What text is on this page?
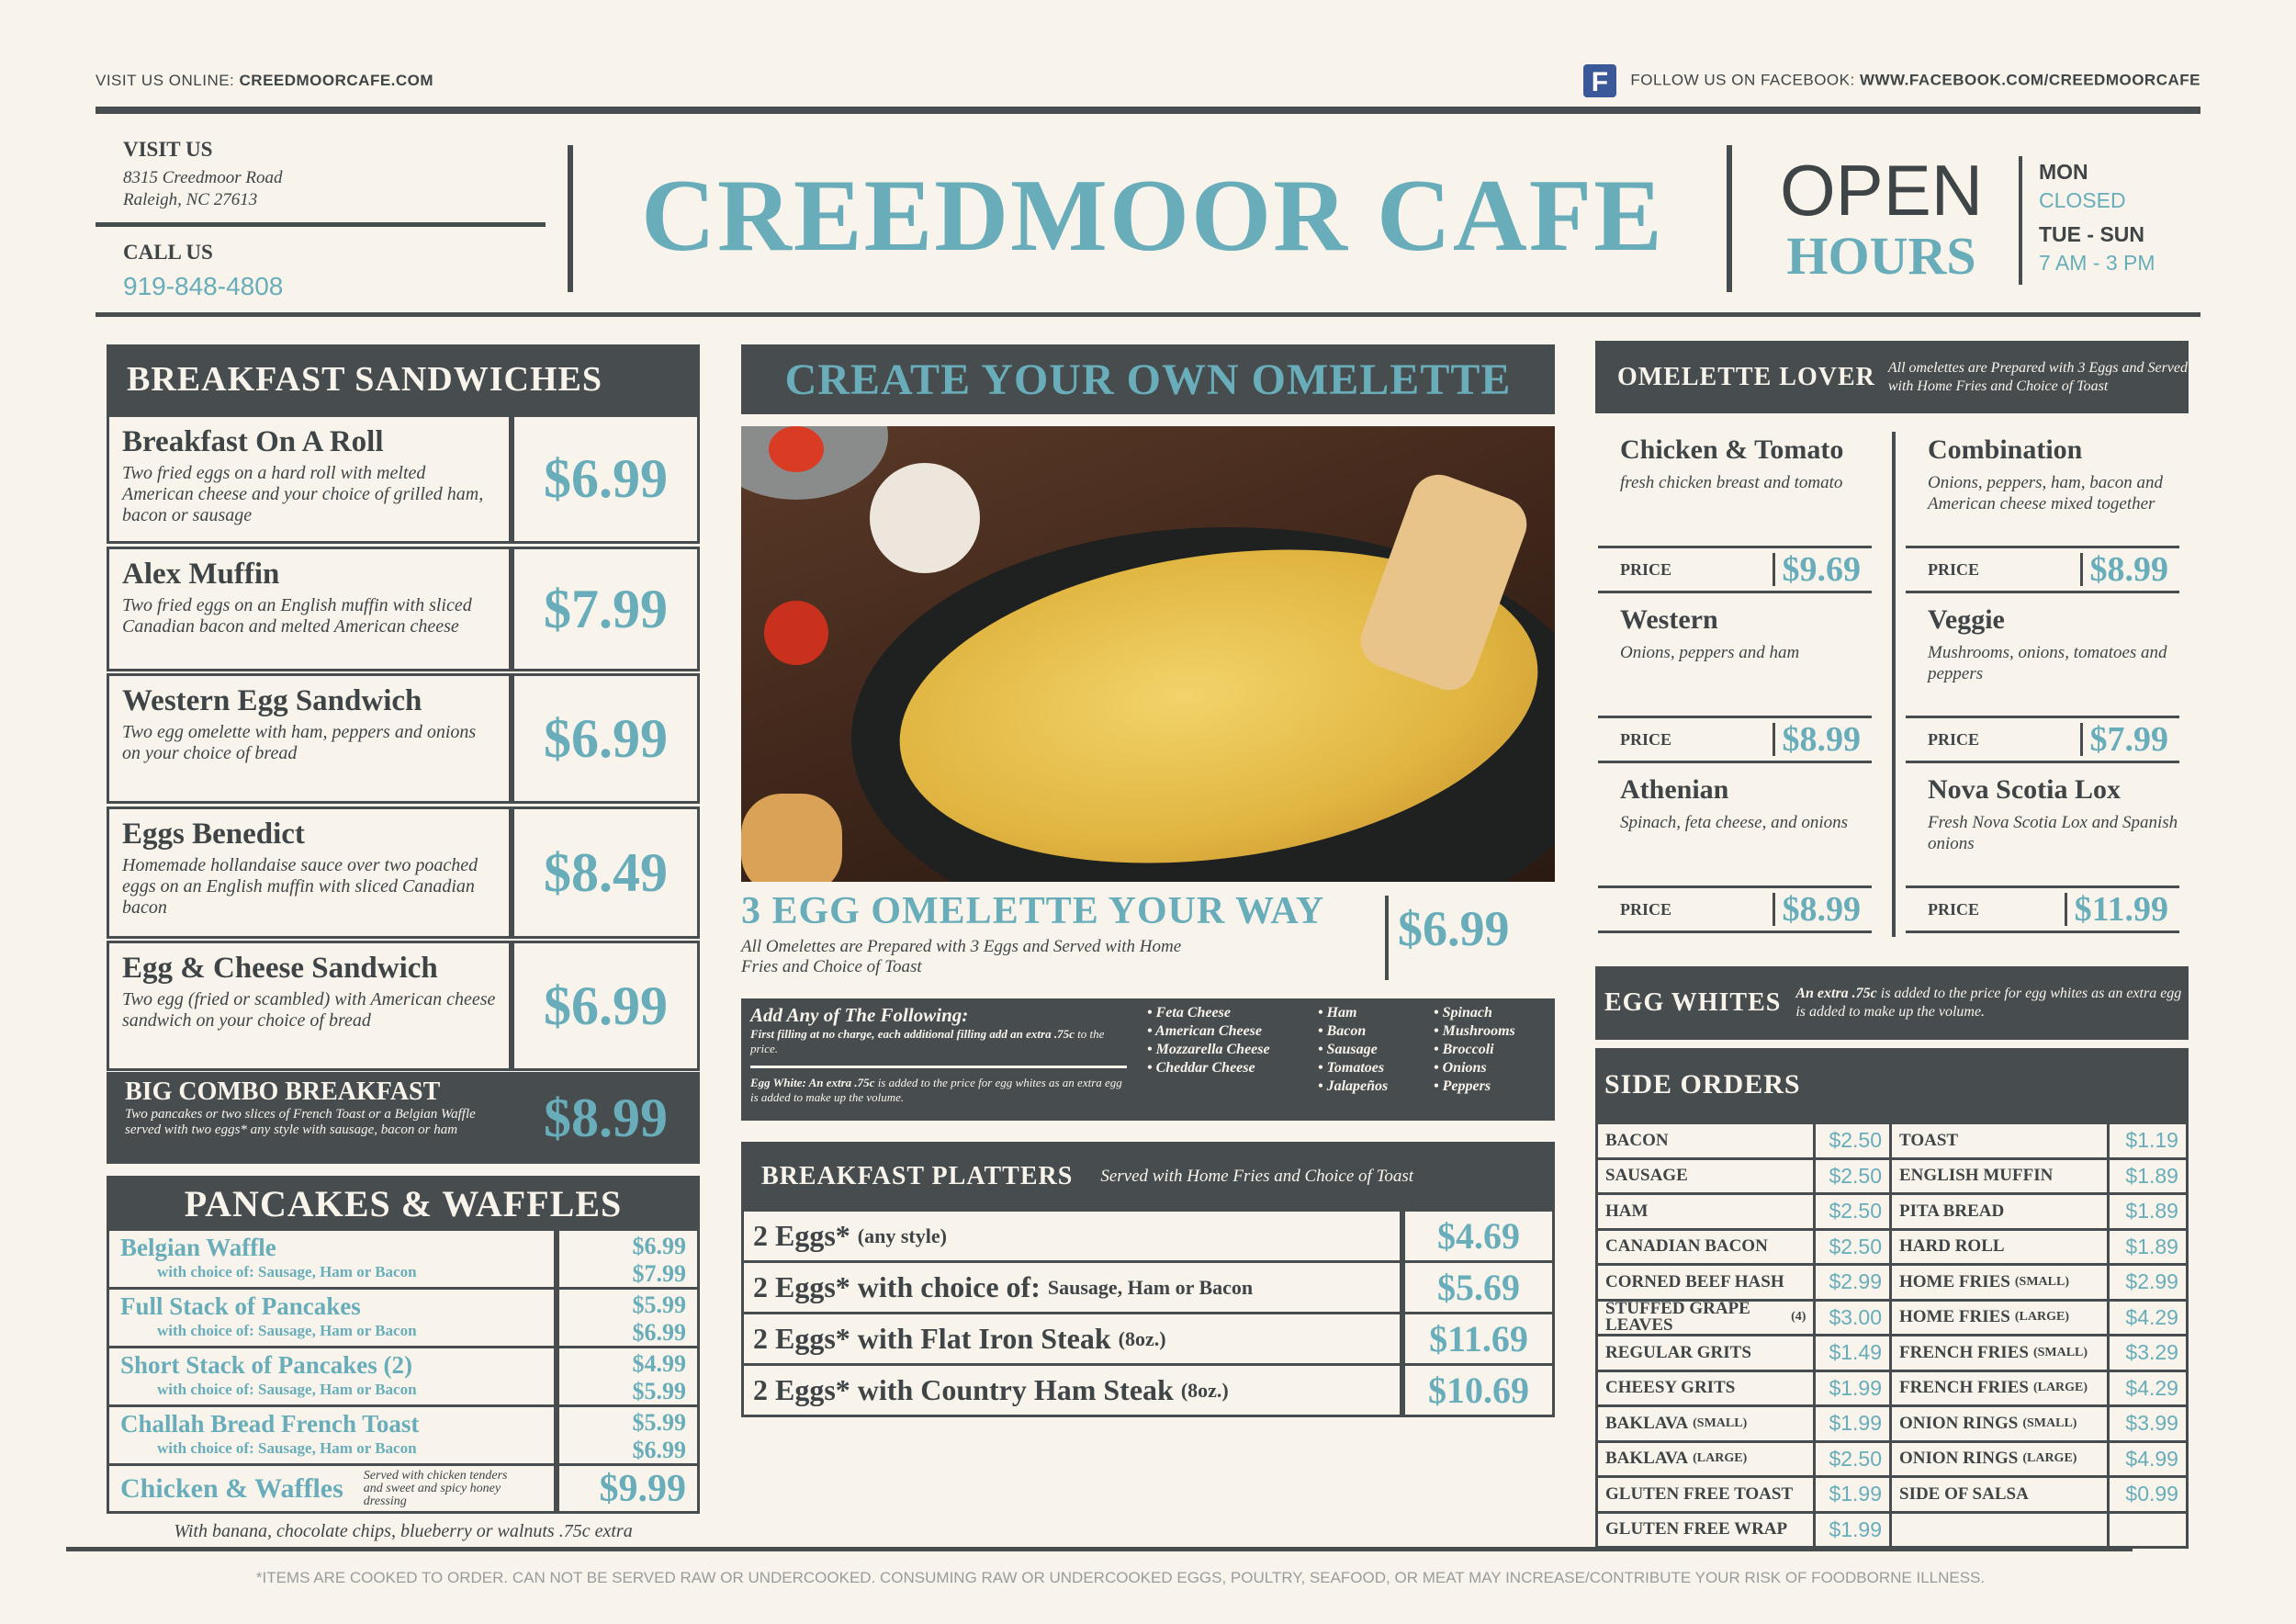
VISIT US ONLINE: CREEDMOORCAFE.COM	F FOLLOW US ON FACEBOOK: WWW.FACEBOOK.COM/CREEDMOORCAFE
VISIT US
8315 Creedmoor Road
Raleigh, NC 27613
CALL US
919-848-4808
CREEDMOOR CAFE	OPEN
HOURS
MON
CLOSED
TUE - SUN
7 AM - 3 PM
BREAKFAST SANDWICHES
Breakfast On A Roll
Two fried eggs on a hard roll with melted American cheese and your choice of grilled ham, bacon or sausage
$6.99
Alex Muffin
Two fried eggs on an English muffin with sliced Canadian bacon and melted American cheese	$7.99
Western Egg Sandwich
Two egg omelette with ham, peppers and onions on your choice of bread	$6.99
Eggs Benedict
Homemade hollandaise sauce over two poached eggs on an English muffin with sliced Canadian bacon
$8.49
Egg & Cheese Sandwich
Two egg (fried or scambled) with American cheese sandwich on your choice of bread	$6.99
BIG COMBO BREAKFAST
Two pancakes or two slices of French Toast or a Belgian Waffle served with two eggs* any style with sausage, bacon or ham	$8.99
PANCAKES & WAFFLES
Belgian Waffle
with choice of: Sausage, Ham or Bacon
$6.99
$7.99
Full Stack of Pancakes
with choice of: Sausage, Ham or Bacon
$5.99
$6.99
Short Stack of Pancakes (2)
with choice of: Sausage, Ham or Bacon
$4.99
$5.99
Challah Bread French Toast
with choice of: Sausage, Ham or Bacon
$5.99
$6.99
Chicken & Waffles Served with chicken tenders and sweet and spicy honey dressing	$9.99
With banana, chocolate chips, blueberry or walnuts .75c extra
CREATE YOUR OWN OMELETTE
3 EGG OMELETTE YOUR WAY
All Omelettes are Prepared with 3 Eggs and Served with Home Fries and Choice of Toast
$6.99
Add Any of The Following:
First filling at no charge, each additional filling add an extra .75c to the price.
Egg White: An extra .75c is added to the price for egg whites as an extra egg is added to make up the volume.
• Feta Cheese
• American Cheese
• Mozzarella Cheese
• Cheddar Cheese
• Ham
• Bacon
• Sausage
• Tomatoes
• Jalapeños
• Spinach
• Mushrooms
• Broccoli
• Onions
• Peppers
BREAKFAST PLATTERS Served with Home Fries and Choice of Toast
2 Eggs* (any style)	$4.69
2 Eggs* with choice of: Sausage, Ham or Bacon	$5.69
2 Eggs* with Flat Iron Steak (8oz.)	$11.69
2 Eggs* with Country Ham Steak (8oz.)	$10.69
OMELETTE LOVER All omelettes are Prepared with 3 Eggs and Served with Home Fries and Choice of Toast
Chicken & Tomato
fresh chicken breast and tomato
PRICE	$9.69
Combination
Onions, peppers, ham, bacon and American cheese mixed together
PRICE	$8.99
Western
Onions, peppers and ham
PRICE	$8.99
Veggie
Mushrooms, onions, tomatoes and peppers
PRICE	$7.99
Athenian
Spinach, feta cheese, and onions
PRICE	$8.99
Nova Scotia Lox
Fresh Nova Scotia Lox and Spanish onions
PRICE	$11.99
EGG WHITES An extra .75c is added to the price for egg whites as an extra egg is added to make up the volume.
SIDE ORDERS
BACON	$2.50	TOAST	$1.19
SAUSAGE	$2.50	ENGLISH MUFFIN	$1.89
HAM	$2.50	PITA BREAD	$1.89
CANADIAN BACON	$2.50	HARD ROLL	$1.89
CORNED BEEF HASH	$2.99	HOME FRIES (SMALL)	$2.99
STUFFED GRAPE LEAVES	(4)	$3.00	HOME FRIES (LARGE)	$4.29
REGULAR GRITS	$1.49	FRENCH FRIES (SMALL)	$3.29
CHEESY GRITS	$1.99	FRENCH FRIES (LARGE)	$4.29
BAKLAVA (SMALL)	$1.99	ONION RINGS (SMALL)	$3.99
BAKLAVA (LARGE)	$2.50	ONION RINGS (LARGE)	$4.99
GLUTEN FREE TOAST	$1.99	SIDE OF SALSA	$0.99
GLUTEN FREE WRAP	$1.99
*ITEMS ARE COOKED TO ORDER. CAN NOT BE SERVED RAW OR UNDERCOOKED. CONSUMING RAW OR UNDERCOOKED EGGS, POULTRY, SEAFOOD, OR MEAT MAY INCREASE/CONTRIBUTE YOUR RISK OF FOODBORNE ILLNESS.
